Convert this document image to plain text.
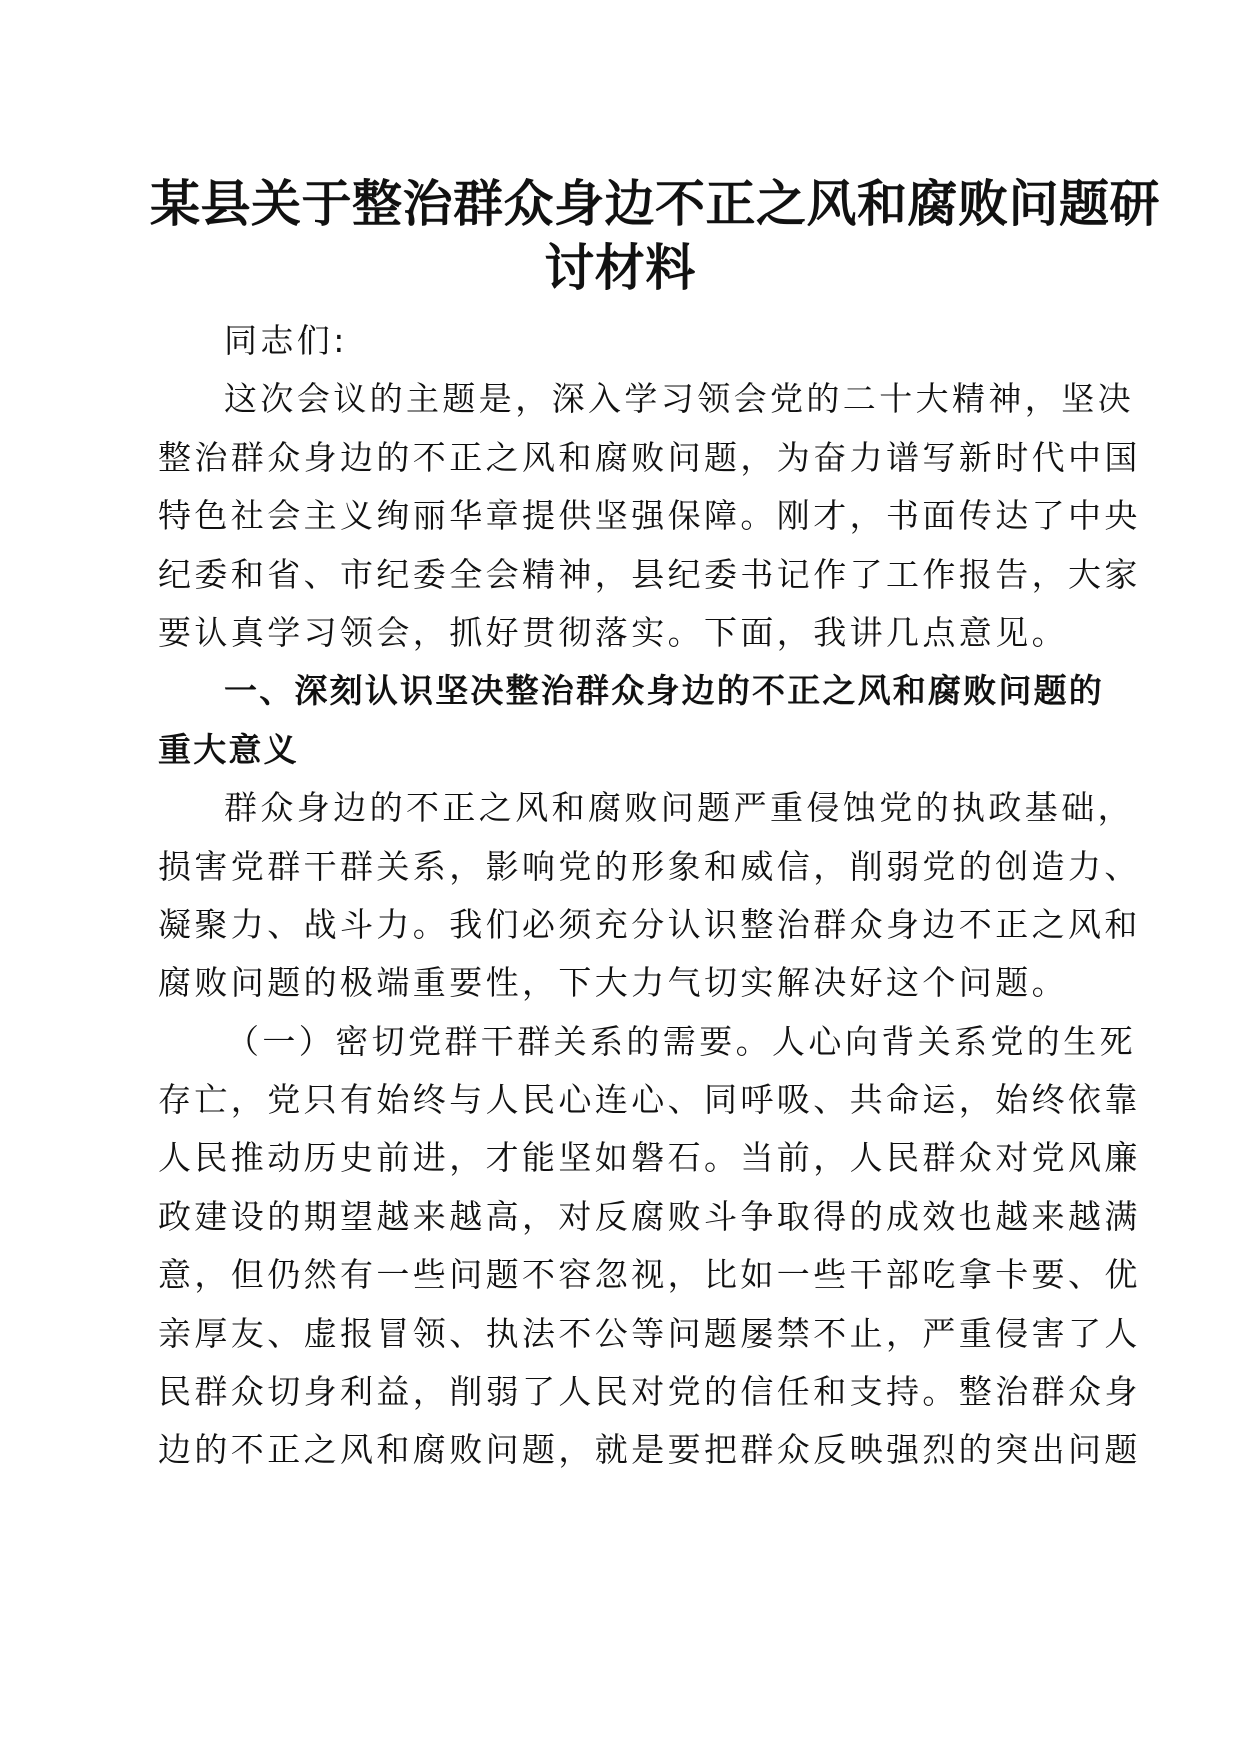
某县关于整治群众身边不正之风和腐败问题研
讨材料
同志们:
这次会议的主题是，深入学习领会党的二十大精神，坚决
整治群众身边的不正之风和腐败问题，为奋力谱写新时代中国
特色社会主义绚丽华章提供坚强保障。刚才，书面传达了中央
纪委和省、市纪委全会精神，县纪委书记作了工作报告，大家
要认真学习领会，抓好贯彻落实。下面，我讲几点意见。
一、深刻认识坚决整治群众身边的不正之风和腐败问题的
重大意义
群众身边的不正之风和腐败问题严重侵蚀党的执政基础，
损害党群干群关系，影响党的形象和威信，削弱党的创造力、
凝聚力、战斗力。我们必须充分认识整治群众身边不正之风和
腐败问题的极端重要性，下大力气切实解决好这个问题。
（一）密切党群干群关系的需要。人心向背关系党的生死
存亡，党只有始终与人民心连心、同呼吸、共命运，始终依靠
人民推动历史前进，才能坚如磐石。当前，人民群众对党风廉
政建设的期望越来越高，对反腐败斗争取得的成效也越来越满
意，但仍然有一些问题不容忽视，比如一些干部吃拿卡要、优
亲厚友、虚报冒领、执法不公等问题屡禁不止，严重侵害了人
民群众切身利益，削弱了人民对党的信任和支持。整治群众身
边的不正之风和腐败问题，就是要把群众反映强烈的突出问题
